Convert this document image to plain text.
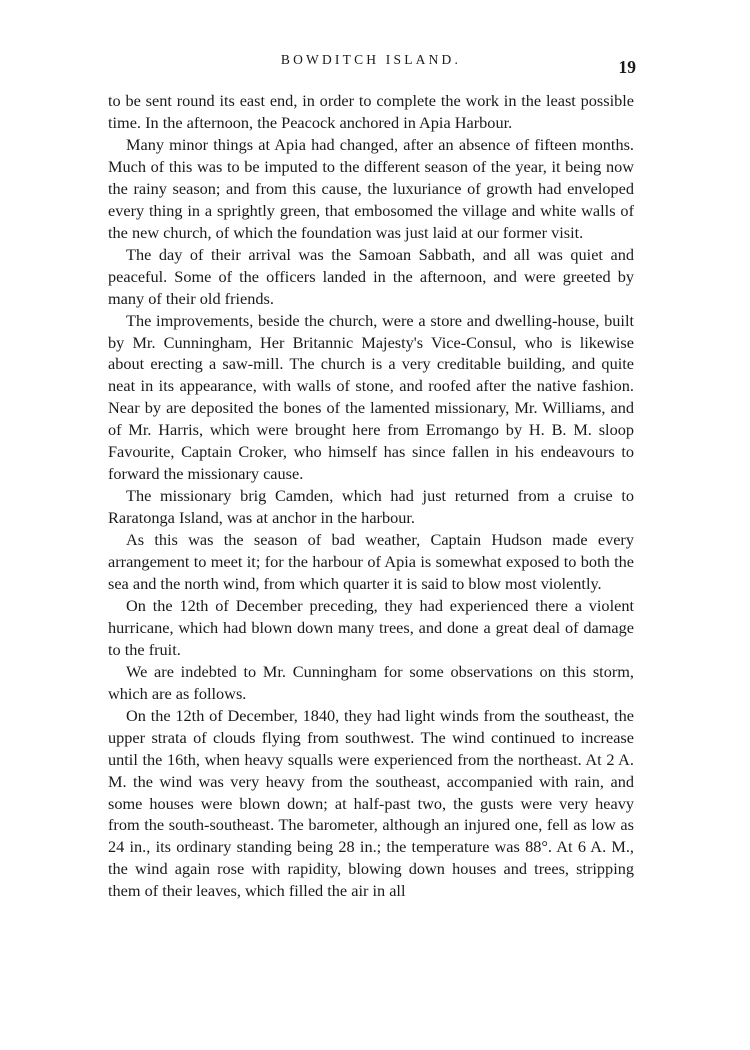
BOWDITCH ISLAND.	19

to be sent round its east end, in order to complete the work in the least possible time. In the afternoon, the Peacock anchored in Apia Harbour.

Many minor things at Apia had changed, after an absence of fifteen months. Much of this was to be imputed to the different season of the year, it being now the rainy season; and from this cause, the luxuriance of growth had enveloped every thing in a sprightly green, that embosomed the village and white walls of the new church, of which the foundation was just laid at our former visit.

The day of their arrival was the Samoan Sabbath, and all was quiet and peaceful. Some of the officers landed in the afternoon, and were greeted by many of their old friends.

The improvements, beside the church, were a store and dwelling-house, built by Mr. Cunningham, Her Britannic Majesty's Vice-Consul, who is likewise about erecting a saw-mill. The church is a very creditable building, and quite neat in its appearance, with walls of stone, and roofed after the native fashion. Near by are deposited the bones of the lamented missionary, Mr. Williams, and of Mr. Harris, which were brought here from Erromango by H. B. M. sloop Favourite, Captain Croker, who himself has since fallen in his endeavours to forward the missionary cause.

The missionary brig Camden, which had just returned from a cruise to Raratonga Island, was at anchor in the harbour.

As this was the season of bad weather, Captain Hudson made every arrangement to meet it; for the harbour of Apia is somewhat exposed to both the sea and the north wind, from which quarter it is said to blow most violently.

On the 12th of December preceding, they had experienced there a violent hurricane, which had blown down many trees, and done a great deal of damage to the fruit.

We are indebted to Mr. Cunningham for some observations on this storm, which are as follows.

On the 12th of December, 1840, they had light winds from the southeast, the upper strata of clouds flying from southwest. The wind continued to increase until the 16th, when heavy squalls were experienced from the northeast. At 2 A. M. the wind was very heavy from the southeast, accompanied with rain, and some houses were blown down; at half-past two, the gusts were very heavy from the south-southeast. The barometer, although an injured one, fell as low as 24 in., its ordinary standing being 28 in.; the temperature was 88°. At 6 A. M., the wind again rose with rapidity, blowing down houses and trees, stripping them of their leaves, which filled the air in all
